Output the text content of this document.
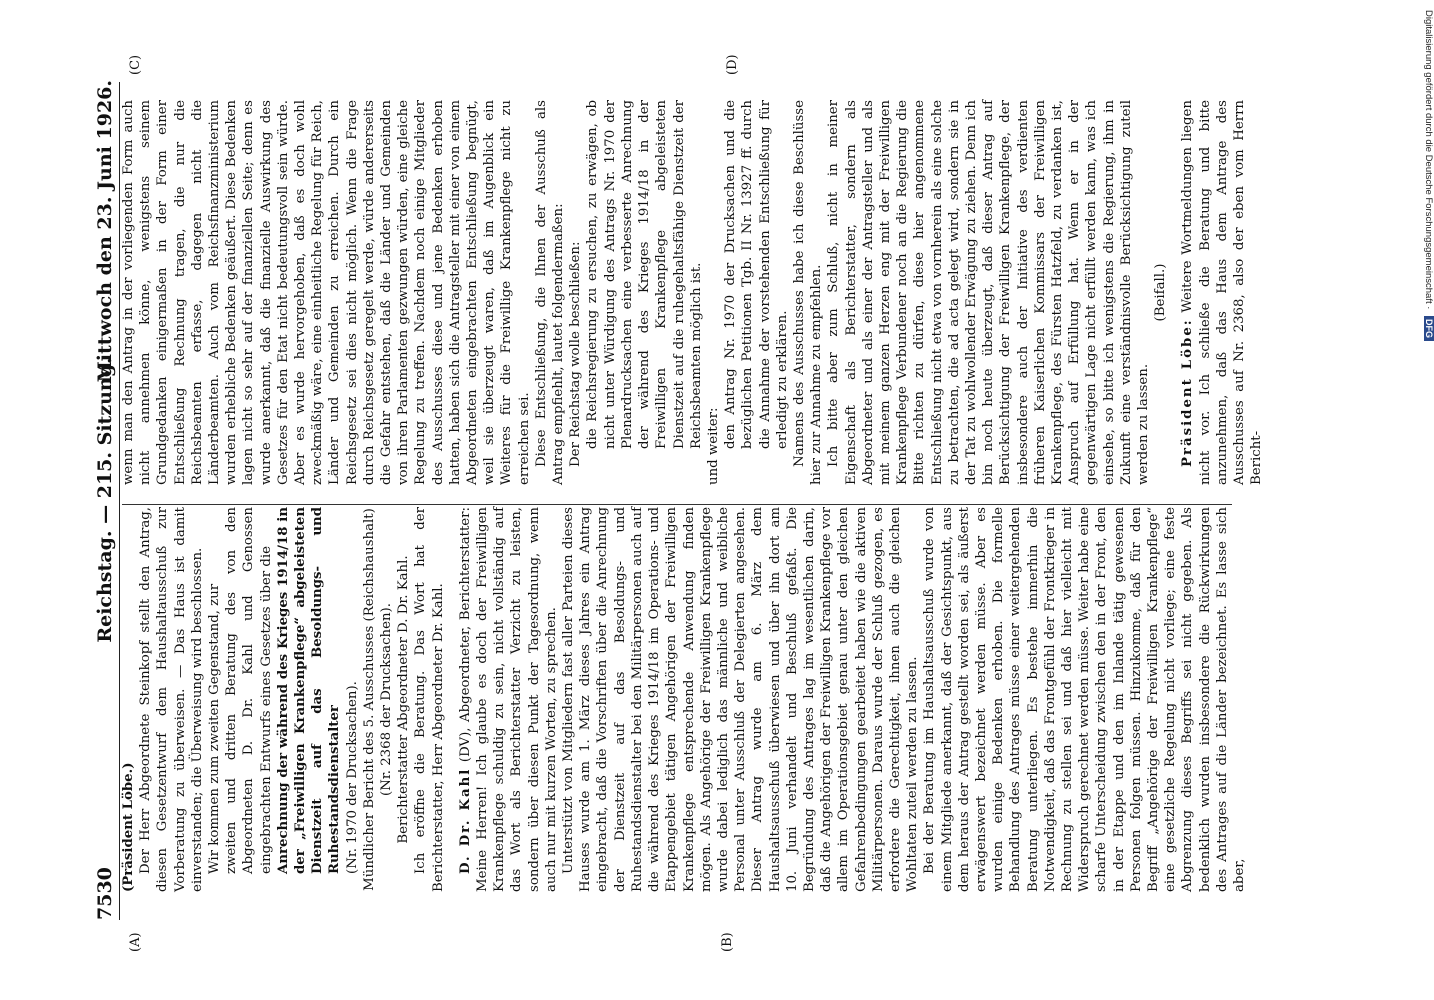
7530
Reichstag. — 215. Sitzung.
Mittwoch den 23. Juni 1926.
(A)	(B)
(C)	(D)

(Präsident Löbe.) Der Herr Abgeordnete Steinkopf stellt den Antrag, diesen Gesetzentwurf dem Haushaltausschuß zur Vorberatung zu überweisen. — Das Haus ist damit einverstanden; die Überweisung wird beschlossen. Wir kommen zum zweiten Gegenstand, zur zweiten und dritten Beratung des von den Abgeordneten D. Dr. Kahl und Genossen eingebrachten Entwurfs eines Gesetzes über die Anrechnung der während des Krieges 1914/18 in der „Freiwilligen Krankenpflege“ abgeleisteten Dienstzeit auf das Besoldungs- und Ruhestandsdienstalter (Nr. 1970 der Drucksachen). Mündlicher Bericht des 5. Ausschusses (Reichshaushalt) (Nr. 2368 der Drucksachen). Berichterstatter Abgeordneter D. Dr. Kahl. Ich eröffne die Beratung. Das Wort hat der Berichterstatter, Herr Abgeordneter Dr. Kahl. D. Dr. Kahl (DV), Abgeordneter, Berichterstatter: Meine Herren! Ich glaube es doch der Freiwilligen Krankenpflege schuldig zu sein, nicht vollständig auf das Wort als Berichterstatter Verzicht zu leisten, sondern über diesen Punkt der Tagesordnung, wenn auch nur mit kurzen Worten, zu sprechen. Unterstützt von Mitgliedern fast aller Parteien dieses Hauses wurde am 1. März dieses Jahres ein Antrag eingebracht, daß die Vorschriften über die Anrechnung der Dienstzeit auf das Besoldungs- und Ruhestandsdienstalter bei den Militärpersonen auch auf die während des Krieges 1914/18 im Operations- und Etappengebiet tätigen Angehörigen der Freiwilligen Krankenpflege entsprechende Anwendung finden mögen. Als Angehörige der Freiwilligen Krankenpflege wurde dabei lediglich das männliche und weibliche Personal unter Ausschluß der Delegierten angesehen. Dieser Antrag wurde am 6. März dem Haushaltsausschuß überwiesen und über ihn dort am 10. Juni verhandelt und Beschluß gefaßt. Die Begründung des Antrages lag im wesentlichen darin, daß die Angehörigen der Freiwilligen Krankenpflege vor allem im Operationsgebiet genau unter den gleichen Gefahrenbedingungen gearbeitet haben wie die aktiven Militärpersonen. Daraus wurde der Schluß gezogen, es erfordere die Gerechtigkeit, ihnen auch die gleichen Wohltaten zuteil werden zu lassen. Bei der Beratung im Haushaltsausschuß wurde von einem Mitgliede anerkannt, daß der Gesichtspunkt, aus dem heraus der Antrag gestellt worden sei, als äußerst erwägenswert bezeichnet werden müsse. Aber es wurden einige Bedenken erhoben. Die formelle Behandlung des Antrages müsse einer weitergehenden Beratung unterliegen. Es bestehe immerhin die Notwendigkeit, daß das Frontgefühl der Frontkrieger in Rechnung zu stellen sei und daß hier vielleicht mit Widerspruch gerechnet werden müsse. Weiter habe eine scharfe Unterscheidung zwischen den in der Front, den in der Etappe und den im Inlande tätig gewesenen Personen folgen müssen. Hinzukomme, daß für den Begriff „Angehörige der Freiwilligen Krankenpflege“ eine gesetzliche Regelung nicht vorliege; eine feste Abgrenzung dieses Begriffs sei nicht gegeben. Als bedenklich wurden insbesondere die Rückwirkungen des Antrages auf die Länder bezeichnet. Es lasse sich aber,

wenn man den Antrag in der vorliegenden Form auch nicht annehmen könne, wenigstens seinem Grundgedanken einigermaßen in der Form einer Entschließung Rechnung tragen, die nur die Reichsbeamten erfasse, dagegen nicht die Länderbeamten. Auch vom Reichsfinanzministerium wurden erhebliche Bedenken geäußert. Diese Bedenken lagen nicht so sehr auf der finanziellen Seite; denn es wurde anerkannt, daß die finanzielle Auswirkung des Gesetzes für den Etat nicht bedeutungsvoll sein würde. Aber es wurde hervorgehoben, daß es doch wohl zweckmäßig wäre, eine einheitliche Regelung für Reich, Länder und Gemeinden zu erreichen. Durch ein Reichsgesetz sei dies nicht möglich. Wenn die Frage durch Reichsgesetz geregelt werde, würde andererseits die Gefahr entstehen, daß die Länder und Gemeinden von ihren Parlamenten gezwungen würden, eine gleiche Regelung zu treffen. Nachdem noch einige Mitglieder des Ausschusses diese und jene Bedenken erhoben hatten, haben sich die Antragsteller mit einer von einem Abgeordneten eingebrachten Entschließung begnügt, weil sie überzeugt waren, daß im Augenblick ein Weiteres für die Freiwillige Krankenpflege nicht zu erreichen sei. Diese Entschließung, die Ihnen der Ausschuß als Antrag empfiehlt, lautet folgendermaßen: Der Reichstag wolle beschließen: die Reichsregierung zu ersuchen, zu erwägen, ob nicht unter Würdigung des Antrags Nr. 1970 der Plenardrucksachen eine verbesserte Anrechnung der während des Krieges 1914/18 in der Freiwilligen Krankenpflege abgeleisteten Dienstzeit auf die ruhegehaltsfähige Dienstzeit der Reichsbeamten möglich ist. und weiter: den Antrag Nr. 1970 der Drucksachen und die bezüglichen Petitionen Tgb. II Nr. 13927 ff. durch die Annahme der vorstehenden Entschließung für erledigt zu erklären. Namens des Ausschusses habe ich diese Beschlüsse hier zur Annahme zu empfehlen. Ich bitte aber zum Schluß, nicht in meiner Eigenschaft als Berichterstatter, sondern als Abgeordneter und als einer der Antragsteller und als mit meinem ganzen Herzen eng mit der Freiwilligen Krankenpflege Verbundener noch an die Regierung die Bitte richten zu dürfen, diese hier angenommene Entschließung nicht etwa von vornherein als eine solche zu betrachten, die ad acta gelegt wird, sondern sie in der Tat zu wohlwollender Erwägung zu ziehen. Denn ich bin noch heute überzeugt, daß dieser Antrag auf Berücksichtigung der Freiwilligen Krankenpflege, der insbesondere auch der Initiative des verdienten früheren Kaiserlichen Kommissars der Freiwilligen Krankenpflege, des Fürsten Hatzfeld, zu verdanken ist, Anspruch auf Erfüllung hat. Wenn er in der gegenwärtigen Lage nicht erfüllt werden kann, was ich einsehe, so bitte ich wenigstens die Regierung, ihm in Zukunft eine verständnisvolle Berücksichtigung zuteil werden zu lassen.

(Beifall.)

Präsident Löbe: Weitere Wortmeldungen liegen nicht vor. Ich schließe die Beratung und bitte anzunehmen, daß das Haus dem Antrage des Ausschusses auf Nr. 2368, also der eben vom Herrn Bericht-

Digitalisierung gefördert durch die Deutsche Forschungsgemeinschaft · DFG
